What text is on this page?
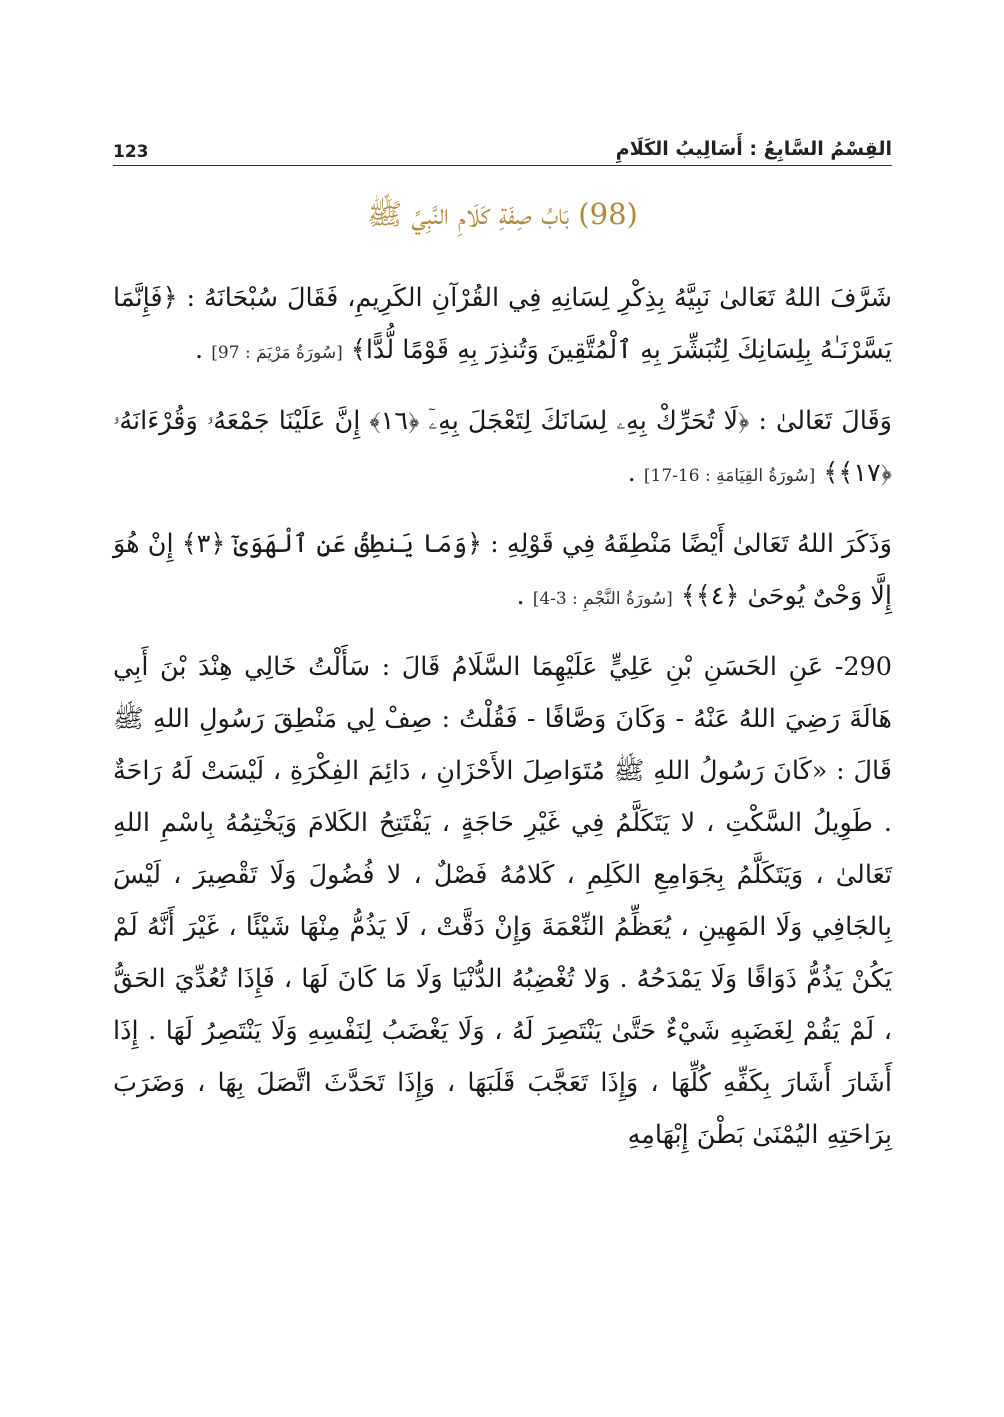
القِسْمُ السَّابِعُ : أَسَالِيبُ الكَلَامِ
123
(98) بَابُ صِفَةِ كَلَامِ النَّبِيِّ ﷺ

شَرَّفَ اللهُ تَعَالىٰ نَبِيَّهُ بِذِكْرِ لِسَانِهِ فِي القُرْآنِ الكَرِيمِ، فَقَالَ سُبْحَانَهُ : ﴿فَإِنَّمَا يَسَّرْنَـٰهُ بِلِسَانِكَ لِتُبَشِّرَ بِهِ ٱلْمُتَّقِينَ وَتُنذِرَ بِهِ قَوْمًا لُّدًّا﴾ [سُورَةُ مَرْيَمَ : 97] .

وَقَالَ تَعَالىٰ : ﴿لَا تُحَرِّكْ بِهِۦ لِسَانَكَ لِتَعْجَلَ بِهِۦٓ ﴿١٦﴾ إِنَّ عَلَيْنَا جَمْعَهُۥ وَقُرْءَانَهُۥ ﴿١٧﴾﴾ [سُورَةُ القِيَامَةِ : 16-17] .

وَذَكَرَ اللهُ تَعَالىٰ أَيْضًا مَنْطِقَهُ فِي قَوْلِهِ : ﴿وَمَا يَنطِقُ عَنِ ٱلْهَوَىٰٓ ﴿٣﴾ إِنْ هُوَ إِلَّا وَحْىٌ يُوحَىٰ ﴿٤﴾﴾ [سُورَةُ النَّجْمِ : 3-4] .

290- عَنِ الحَسَنِ بْنِ عَلِيٍّ عَلَيْهِمَا السَّلَامُ قَالَ : سَأَلْتُ خَالِي هِنْدَ بْنَ أَبِي هَالَةَ رَضِيَ اللهُ عَنْهُ - وَكَانَ وَصَّافًا - فَقُلْتُ : صِفْ لِي مَنْطِقَ رَسُولِ اللهِ ﷺ قَالَ : «كَانَ رَسُولُ اللهِ ﷺ مُتَوَاصِلَ الأَحْزَانِ ، دَائِمَ الفِكْرَةِ ، لَيْسَتْ لَهُ رَاحَةٌ . طَوِيلُ السَّكْتِ ، لا يَتَكَلَّمُ فِي غَيْرِ حَاجَةٍ ، يَفْتَتِحُ الكَلامَ وَيَخْتِمُهُ بِاسْمِ اللهِ تَعَالىٰ ، وَيَتَكَلَّمُ بِجَوَامِعِ الكَلِمِ ، كَلامُهُ فَصْلٌ ، لا فُضُولَ وَلَا تَقْصِيرَ ، لَيْسَ بِالجَافِي وَلَا المَهِينِ ، يُعَظِّمُ النِّعْمَةَ وَإِنْ دَقَّتْ ، لَا يَذُمُّ مِنْهَا شَيْئًا ، غَيْرَ أَنَّهُ لَمْ يَكُنْ يَذُمُّ ذَوَاقًا وَلَا يَمْدَحُهُ . وَلا تُغْضِبُهُ الدُّنْيَا وَلَا مَا كَانَ لَهَا ، فَإِذَا تُعُدِّيَ الحَقُّ ، لَمْ يَقُمْ لِغَضَبِهِ شَيْءٌ حَتَّىٰ يَنْتَصِرَ لَهُ ، وَلَا يَغْضَبُ لِنَفْسِهِ وَلَا يَنْتَصِرُ لَهَا . إِذَا أَشَارَ أَشَارَ بِكَفِّهِ كُلِّهَا ، وَإِذَا تَعَجَّبَ قَلَبَهَا ، وَإِذَا تَحَدَّثَ اتَّصَلَ بِهَا ، وَضَرَبَ بِرَاحَتِهِ اليُمْنَىٰ بَطْنَ إِبْهَامِهِ
